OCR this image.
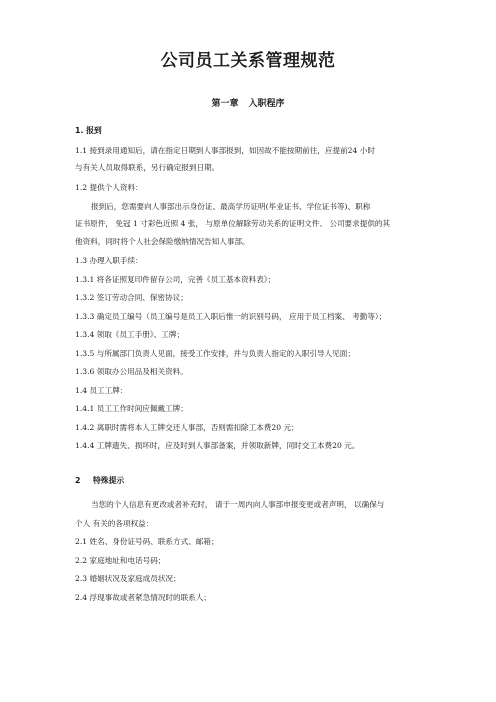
公司员工关系管理规范
第一章 入职程序
1. 报到
1.1 接到录用通知后，请在指定日期到人事部报到，如因故不能按期前往，应提前24 小时
与有关人员取得联系，另行确定报到日期。
1.2 提供个人资料：
报到后，您需要向人事部出示身份证、最高学历证明(毕业证书、学位证书等)、职称
证书原件， 免冠 1 寸彩色近照 4 张， 与原单位解除劳动关系的证明文件、 公司要求提供的其
他资料，同时将个人社会保险缴纳情况告知人事部。
1.3 办理入职手续：
1.3.1 将各证照复印件留存公司，完善《员工基本资料表》；
1.3.2 签订劳动合同、保密协议；
1.3.3 确定员工编号（员工编号是员工入职后惟一的识别号码， 应用于员工档案、 考勤等）；
1.3.4 领取《员工手册》、工牌；
1.3.5 与所属部门负责人见面，接受工作安排，并与负责人指定的入职引导人见面；
1.3.6 领取办公用品及相关资料。
1.4 员工工牌：
1.4.1 员工工作时间应佩戴工牌；
1.4.2 离职时需将本人工牌交还人事部，否则需扣除工本费20 元；
1.4.4 工牌遗失、损坏时，应及时到人事部备案，并领取新牌，同时交工本费20 元。
2 特殊提示
当您的个人信息有更改或者补充时， 请于一周内向人事部申报变更或者声明， 以确保与
个人 有关的各项权益：
2.1 姓名、身份证号码、联系方式、邮箱；
2.2 家庭地址和电话号码；
2.3 婚姻状况及家庭成员状况；
2.4 浮现事故或者紧急情况时的联系人；
